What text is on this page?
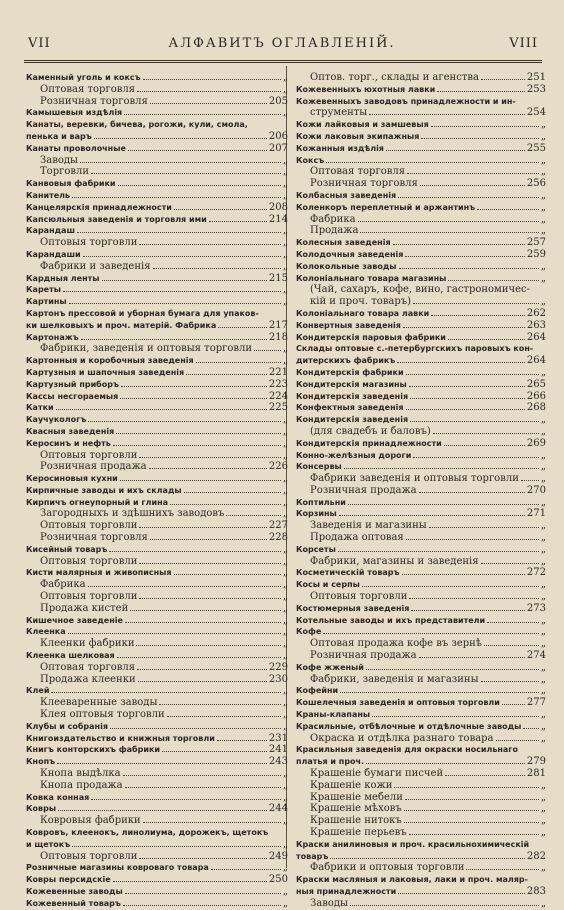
VII	АЛФАВИТЪ ОГЛАВЛЕНІЙ.	VIII
Каменный уголь и коксъ	„
Оптовая торговля	„
Розничная торговля	205
Камышевыя издѣлія	„
Канаты, веревки, бичева, рогожи, кули, смола,
пенька и варъ	206
Канаты проволочные	207
Заводы	„
Торговли	„
Канвовыя фабрики	„
Канитель	„
Канцелярскія принадлежности	208
Капсюльныя заведенія и торговля ими	214
Карандаш	„
Оптовыя торговли	„
Карандаши	„
Фабрики и заведенія	„
Кардныя ленты	215
Кареты	„
Картины	„
Картонъ прессовой и уборная бумага для упаков-
ки шелковыхъ и проч. матерій. Фабрика	217
Картонажъ	218
Фабрики, заведенія и оптовыя торговли	„
Картонныя и коробочныя заведенія	„
Картузныя и шапочныя заведенія	221
Картузный приборъ	223
Кассы несгораемыя	224
Катки	225
Каучукологъ	„
Квасныя заведенія	„
Керосинъ и нефть	„
Оптовыя торговли	„
Розничная продажа	226
Керосиновыя кухни	„
Кирпичные заводы и ихъ склады	„
Кирпичъ огнеупорный и глина	„
Загородныхъ и здѣшнихъ заводовъ	„
Оптовыя торговли	227
Розничная торговля	228
Кисейный товаръ	„
Оптовыя торговли	„
Кисти малярныя и живописныя	„
Фабрика	„
Оптовыя торговли	„
Продажа кистей	„
Кишечное заведеніе	„
Клеенка	„
Клеенки фабрики	„
Клеенка шелковая	„
Оптовая торговля	229
Продажа клеенки	230
Клей	„
Клееваренные заводы	„
Клея оптовыя торговли	„
Клубы и собранія	„
Книгоиздательство и книжныя торговли	231
Книгъ конторскихъ фабрики	241
Кнопъ	243
Кнопа выдѣлка	„
Кнопа продажа	„
Ковка конная	„
Ковры	244
Ковровыя фабрики	„
Ковровъ, клеенокъ, линолиума, дорожекъ, щетокъ
и щетокъ	„
Оптовыя торговли	249
Розничные магазины ковроваго товара	„
Ковры персидскіе	250
Кожевенные заводы	„
Кожевенный товаръ	„
Оптов. торг., склады и агенства	251
Кожевенныхъ юхотныя лавки	253
Кожевенныхъ заводовъ принадлежности и ин-
струменты	254
Кожи лайковыя и замшевыя	„
Кожи лаковыя экипажныя	„
Кожанныя издѣлія	255
Коксъ	„
Оптовая торговля	„
Розничная торговля	256
Колбасныя заведенія	„
Коленкоръ переплетный и аржантинъ	„
Фабрика	„
Продажа	„
Колесныя заведенія	257
Колодочныя заведенія	259
Колокольные заводы	„
Колоніальнаго товара магазины	„
(Чай, сахаръ, кофе, вино, гастрономичес-
кій и проч. товаръ)	„
Колоніальнаго товара лавки	262
Конвертныя заведенія	263
Кондитерскія паровыя фабрики	264
Склады оптовые с.-петербургскихъ паровыхъ кон-
дитерскихъ фабрикъ	264
Кондитерскія фабрики	„
Кондитерскія магазины	265
Кондитерскія заведенія	266
Конфектныя заведенія	268
Кондитерскія заведенія	„
(для свадебъ и баловъ)	„
Кондитерскія принадлежности	269
Конно-желѣзныя дороги	„
Консервы	„
Фабрики заведенія и оптовыя торговли „
Розничная продажа	270
Коптильни	„
Корзины	271
Заведенія и магазины	„
Продажа оптовая	„
Корсеты	„
Фабрики, магазины и заведенія	„
Косметическій товаръ	272
Косы и серпы	„
Оптовыя торговли	„
Костюмерныя заведенія	273
Котельные заводы и ихъ представители	„
Кофе	„
Оптовая продажа кофе въ зернѣ	„
Розничная продажа	274
Кофе жженый	„
Фабрики, заведенія и магазины	„
Кофейни	„
Кошелечныя заведенія и оптовыя торговли	277
Краны-клапаны	„
Красильные, отбѣлочные и отдѣлочные заводы „
Окраска и отдѣлка разнаго товара	„
Красильныя заведенія для окраски носильнаго
платья и проч.	279
Крашеніе бумаги писчей	281
Крашеніе кожи	„
Крашеніе мебели	„
Крашеніе мѣховъ	„
Крашеніе нитокъ	„
Крашеніе перьевъ	„
Краски анилиновыя и проч. красильнохимическій
товаръ	282
Фабрики и оптовыя торговли	„
Краски масляныя и лаковыя, лаки и проч. маляр-
ныя принадлежности	283
Заводы	„
